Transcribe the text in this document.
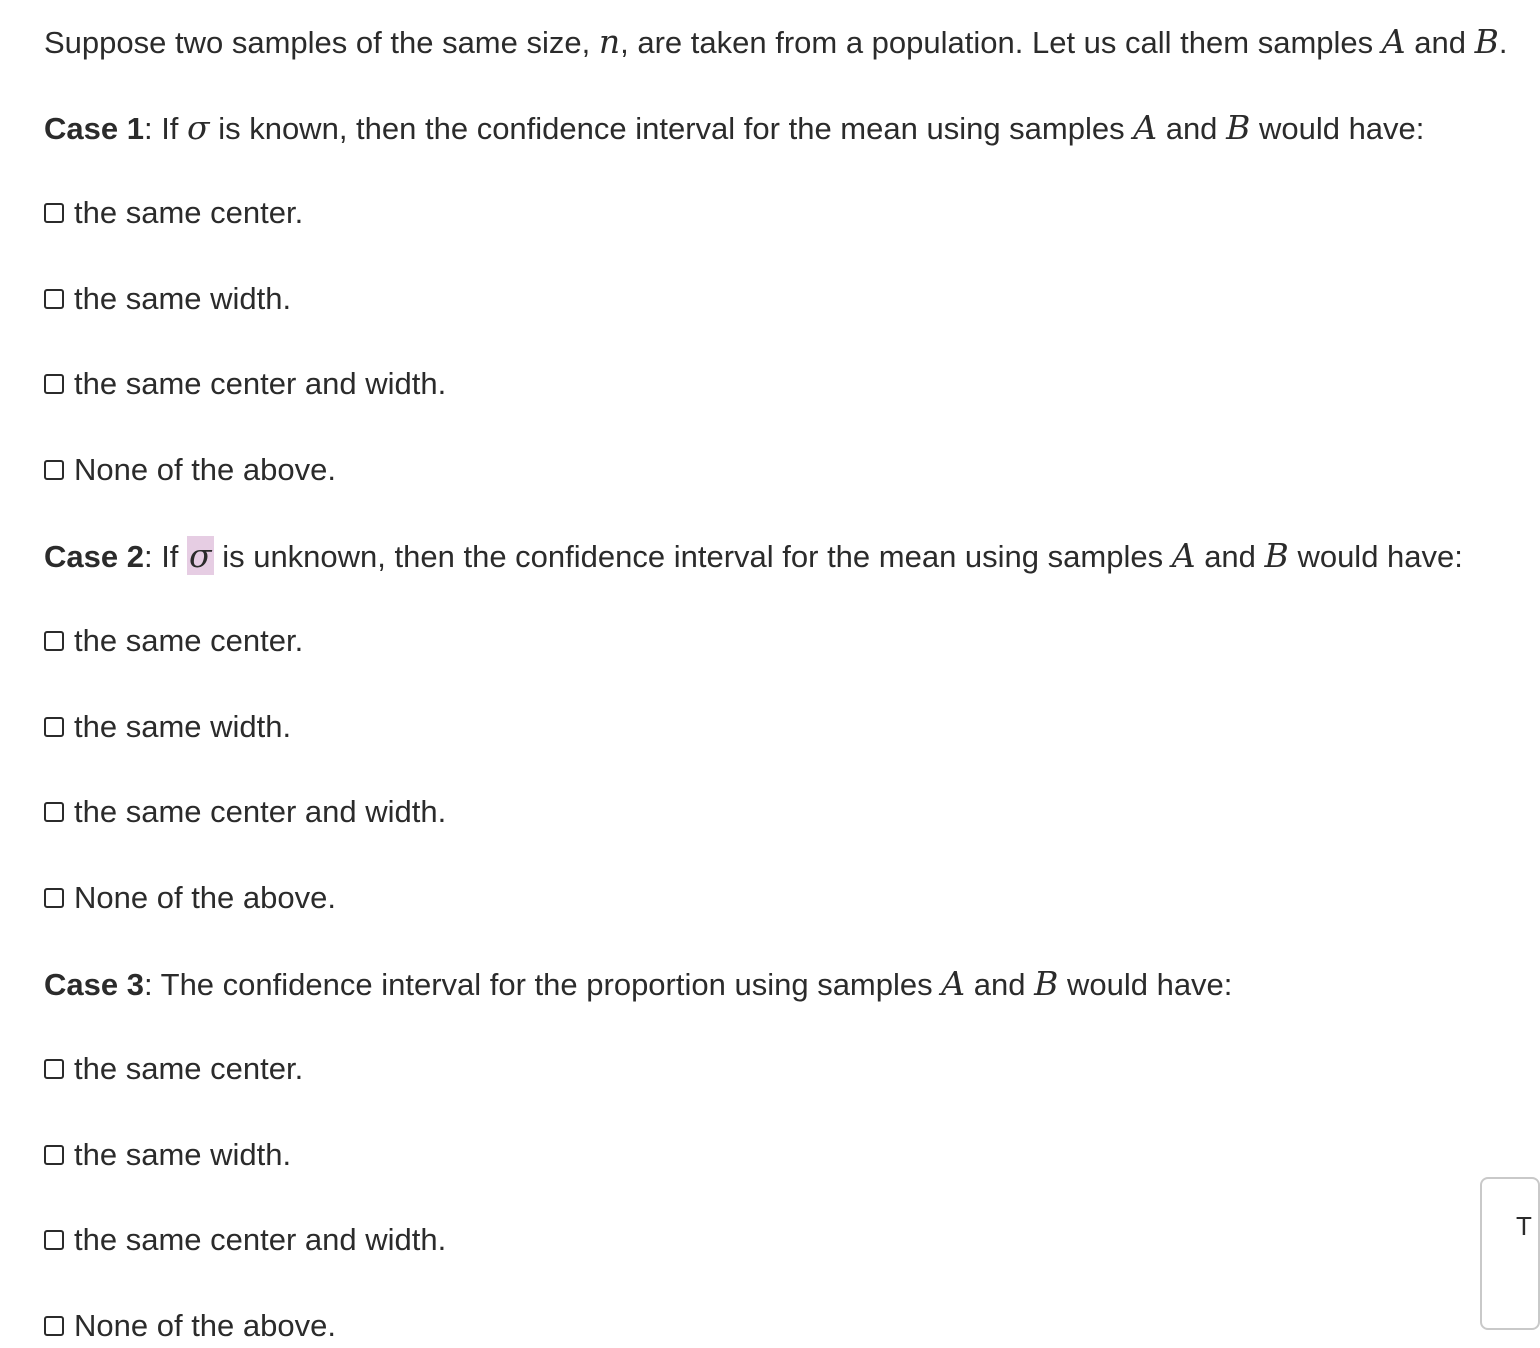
Suppose two samples of the same size, n, are taken from a population. Let us call them samples A and B.
Case 1: If σ is known, then the confidence interval for the mean using samples A and B would have:
the same center.
the same width.
the same center and width.
None of the above.
Case 2: If σ is unknown, then the confidence interval for the mean using samples A and B would have:
the same center.
the same width.
the same center and width.
None of the above.
Case 3: The confidence interval for the proportion using samples A and B would have:
the same center.
the same width.
the same center and width.
None of the above.
T
